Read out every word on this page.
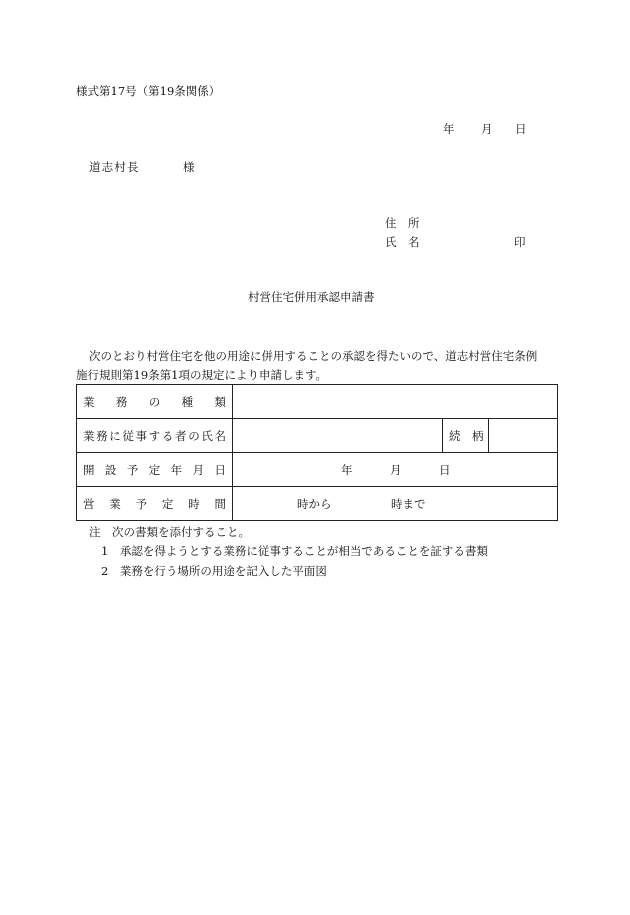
様式第17号（第19条関係）
年 月 日
道志村長	様
住　所
氏　名	印
村営住宅併用承認申請書
次のとおり村営住宅を他の用途に併用することの承認を得たいので、道志村営住宅条例
施行規則第19条第1項の規定により申請します。
業務の種類			
業務に従事する者の氏名		続　柄	
開設予定年月日	年 月 日		

営業予定時間	時から 時まで		
注　次の書類を添付すること。
1　承認を得ようとする業務に従事することが相当であることを証する書類
2　業務を行う場所の用途を記入した平面図
